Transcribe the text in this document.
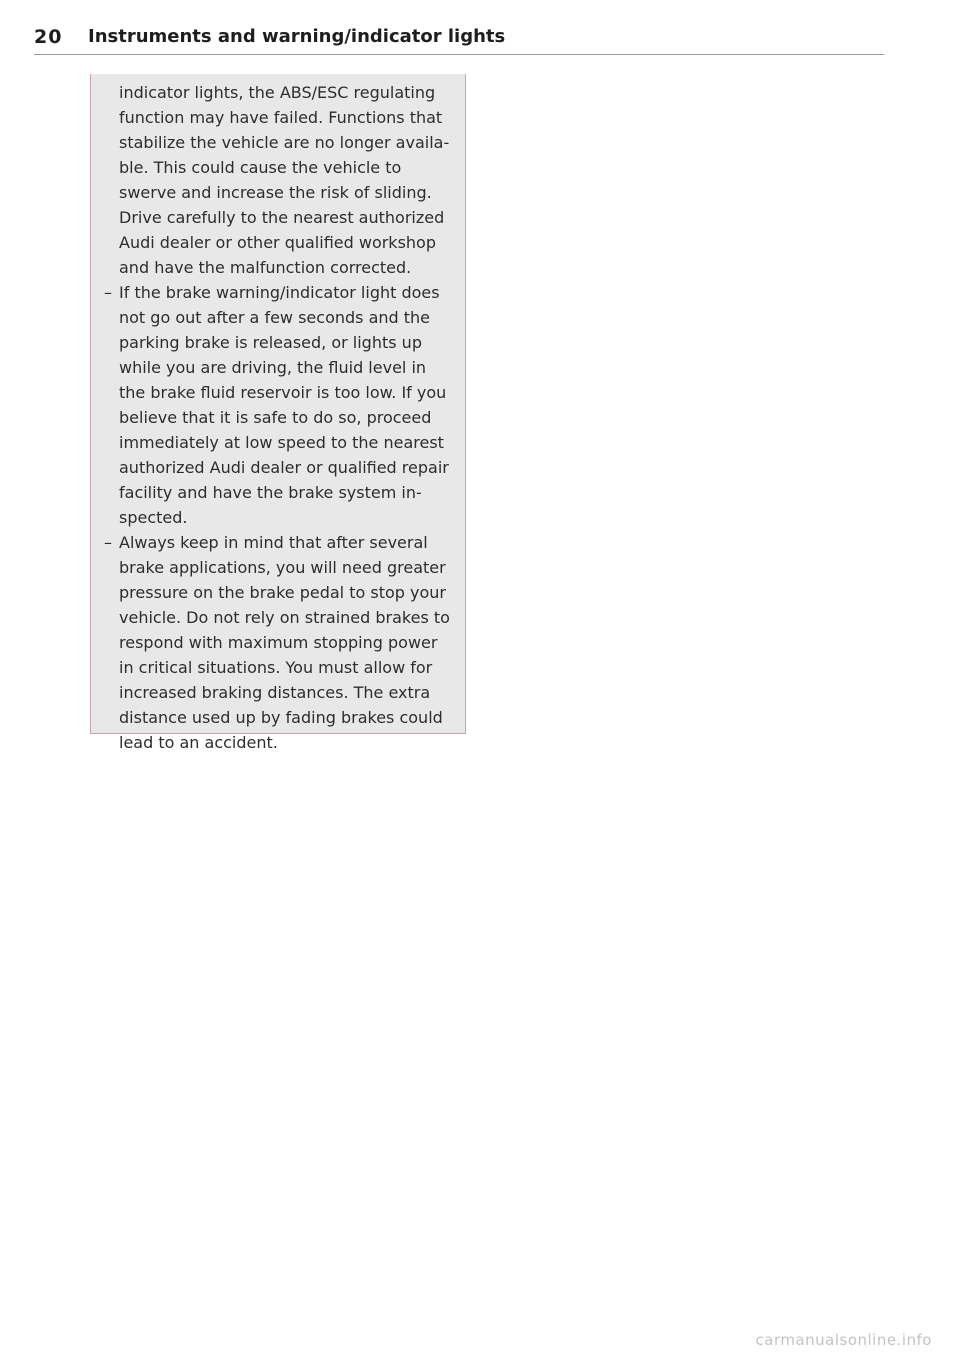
20 Instruments and warning/indicator lights
indicator lights, the ABS/ESC regulating
function may have failed. Functions that
stabilize the vehicle are no longer availa-
ble. This could cause the vehicle to
swerve and increase the risk of sliding.
Drive carefully to the nearest authorized
Audi dealer or other qualified workshop
and have the malfunction corrected.
– If the brake warning/indicator light does
not go out after a few seconds and the
parking brake is released, or lights up
while you are driving, the fluid level in
the brake fluid reservoir is too low. If you
believe that it is safe to do so, proceed
immediately at low speed to the nearest
authorized Audi dealer or qualified repair
facility and have the brake system in-
spected.
– Always keep in mind that after several
brake applications, you will need greater
pressure on the brake pedal to stop your
vehicle. Do not rely on strained brakes to
respond with maximum stopping power
in critical situations. You must allow for
increased braking distances. The extra
distance used up by fading brakes could
lead to an accident.
carmanualsonline.info
